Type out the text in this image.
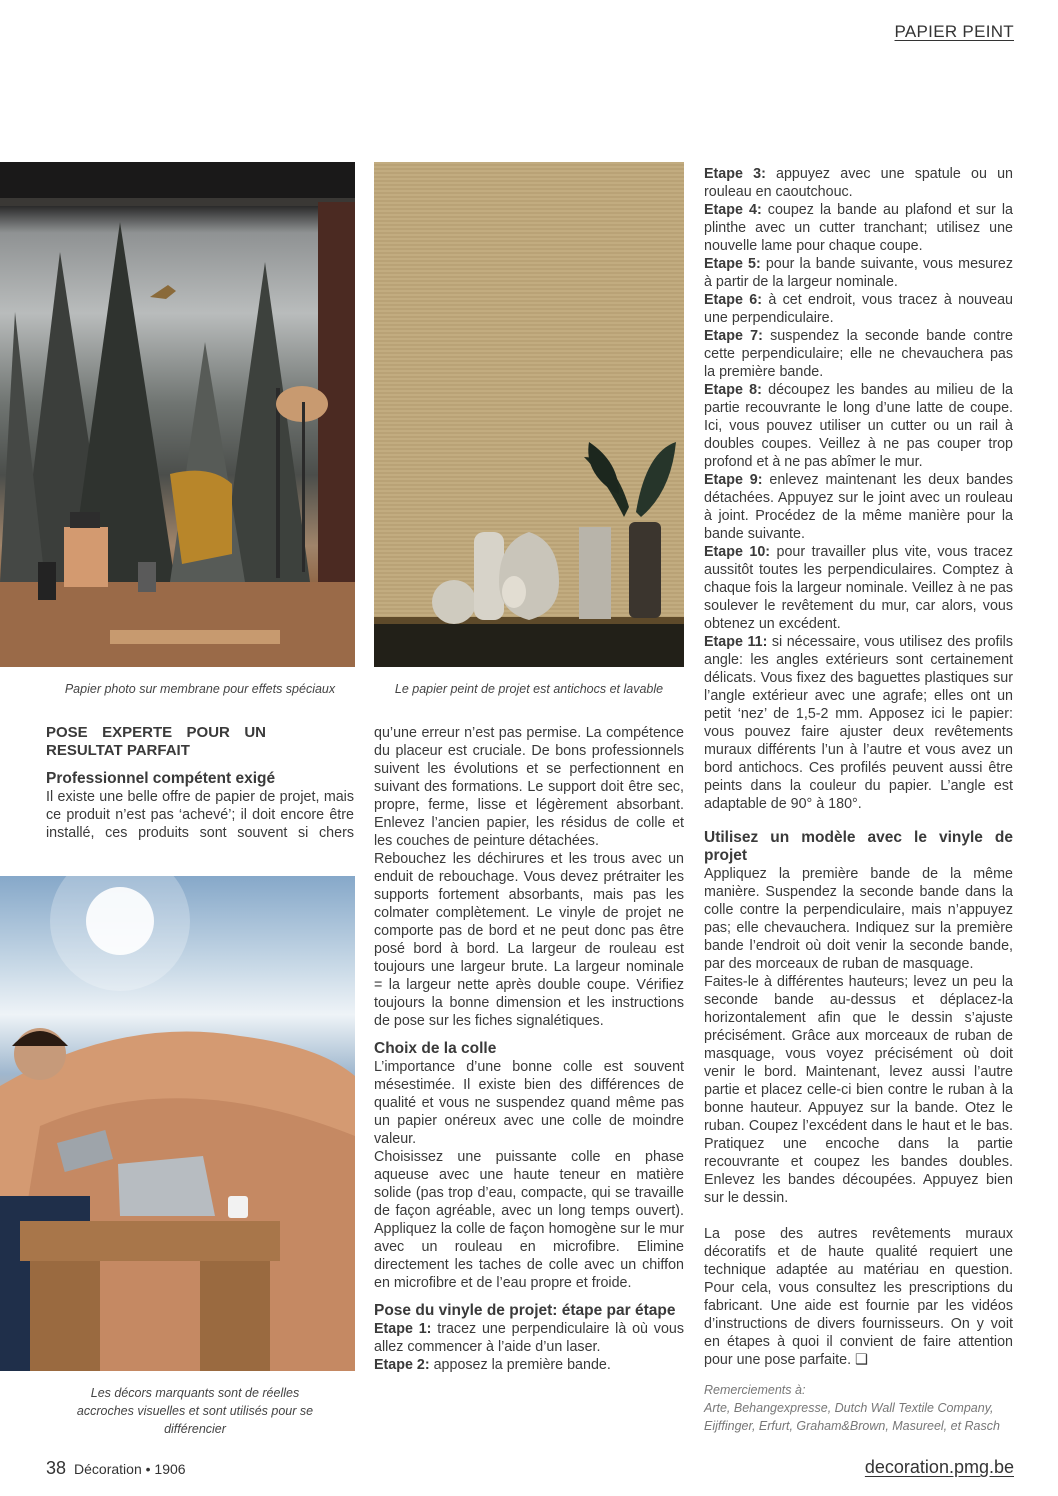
PAPIER PEINT
Papier photo sur membrane pour effets spéciaux	Le papier peint de projet est antichocs et lavable
Les décors marquants sont de réelles accroches visuelles et sont utilisés pour se différencier
POSE EXPERTE POUR UN RESULTAT PARFAIT
Professionnel compétent exigé

Il existe une belle offre de papier de projet, mais ce produit n’est pas ‘achevé’; il doit encore être installé, ces produits sont souvent si chers

qu’une erreur n’est pas permise. La compétence du placeur est cruciale. De bons professionnels suivent les évolutions et se perfectionnent en suivant des formations. Le support doit être sec, propre, ferme, lisse et légèrement absorbant. Enlevez l’ancien papier, les résidus de colle et les couches de peinture détachées.

Rebouchez les déchirures et les trous avec un enduit de rebouchage. Vous devez prétraiter les supports fortement absorbants, mais pas les colmater complètement. Le vinyle de projet ne comporte pas de bord et ne peut donc pas être posé bord à bord. La largeur de rouleau est toujours une largeur brute. La largeur nominale = la largeur nette après double coupe. Vérifiez toujours la bonne dimension et les instructions de pose sur les fiches signalétiques.

Choix de la colle

L’importance d’une bonne colle est souvent mésestimée. Il existe bien des différences de qualité et vous ne suspendez quand même pas un papier onéreux avec une colle de moindre valeur.

Choisissez une puissante colle en phase aqueuse avec une haute teneur en matière solide (pas trop d’eau, compacte, qui se travaille de façon agréable, avec un long temps ouvert). Appliquez la colle de façon homogène sur le mur avec un rouleau en microfibre. Elimine directement les taches de colle avec un chiffon en microfibre et de l’eau propre et froide.

Pose du vinyle de projet: étape par étape

Etape 1: tracez une perpendiculaire là où vous allez commencer à l’aide d’un laser.

Etape 2: apposez la première bande.

Etape 3: appuyez avec une spatule ou un rouleau en caoutchouc.

Etape 4: coupez la bande au plafond et sur la plinthe avec un cutter tranchant; utilisez une nouvelle lame pour chaque coupe.

Etape 5: pour la bande suivante, vous mesurez à partir de la largeur nominale.

Etape 6: à cet endroit, vous tracez à nouveau une perpendiculaire.

Etape 7: suspendez la seconde bande contre cette perpendiculaire; elle ne chevauchera pas la première bande.

Etape 8: découpez les bandes au milieu de la partie recouvrante le long d’une latte de coupe. Ici, vous pouvez utiliser un cutter ou un rail à doubles coupes. Veillez à ne pas couper trop profond et à ne pas abîmer le mur.

Etape 9: enlevez maintenant les deux bandes détachées. Appuyez sur le joint avec un rouleau à joint. Procédez de la même manière pour la bande suivante.

Etape 10: pour travailler plus vite, vous tracez aussitôt toutes les perpendiculaires. Comptez à chaque fois la largeur nominale. Veillez à ne pas soulever le revêtement du mur, car alors, vous obtenez un excédent.

Etape 11: si nécessaire, vous utilisez des profils angle: les angles extérieurs sont certainement délicats. Vous fixez des baguettes plastiques sur l’angle extérieur avec une agrafe; elles ont un petit ‘nez’ de 1,5-2 mm. Apposez ici le papier: vous pouvez faire ajuster deux revêtements muraux différents l’un à l’autre et vous avez un bord antichocs. Ces profilés peuvent aussi être peints dans la couleur du papier. L’angle est adaptable de 90° à 180°.

Utilisez un modèle avec le vinyle de projet

Appliquez la première bande de la même manière. Suspendez la seconde bande dans la colle contre la perpendiculaire, mais n’appuyez pas; elle chevauchera. Indiquez sur la première bande l’endroit où doit venir la seconde bande, par des morceaux de ruban de masquage.

Faites-le à différentes hauteurs; levez un peu la seconde bande au-dessus et déplacez-la horizontalement afin que le dessin s’ajuste précisément. Grâce aux morceaux de ruban de masquage, vous voyez précisément où doit venir le bord. Maintenant, levez aussi l’autre partie et placez celle-ci bien contre le ruban à la bonne hauteur. Appuyez sur la bande. Otez le ruban. Coupez l’excédent dans le haut et le bas. Pratiquez une encoche dans la partie recouvrante et coupez les bandes doubles. Enlevez les bandes découpées. Appuyez bien sur le dessin.

La pose des autres revêtements muraux décoratifs et de haute qualité requiert une technique adaptée au matériau en question. Pour cela, vous consultez les prescriptions du fabricant. Une aide est fournie par les vidéos d’instructions de divers fournisseurs. On y voit en étapes à quoi il convient de faire attention pour une pose parfaite. ❑

Remerciements à:

Arte, Behangexpresse, Dutch Wall Textile Company, Eijffinger, Erfurt, Graham&Brown, Masureel, et Rasch

38 Décoration • 1906	decoration.pmg.be
